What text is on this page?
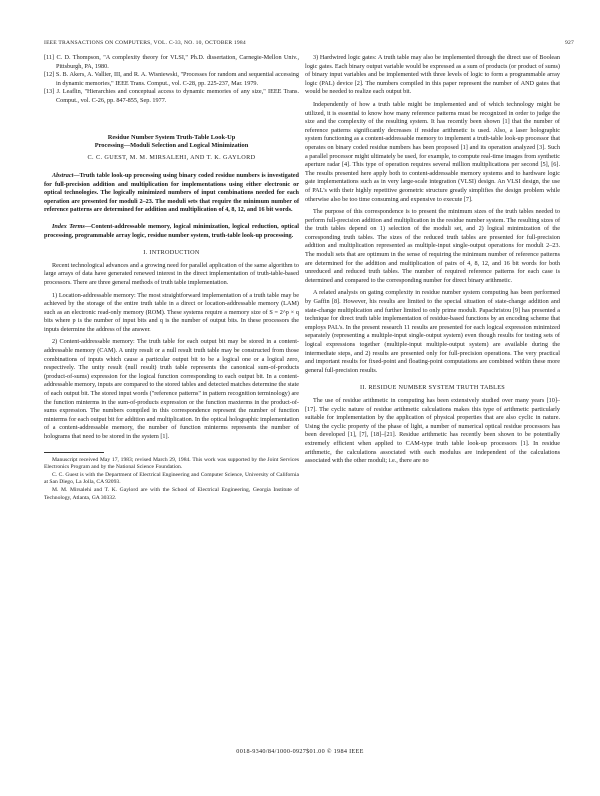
IEEE TRANSACTIONS ON COMPUTERS, VOL. C-33, NO. 10, OCTOBER 1984	927

[11] C. D. Thompson, "A complexity theory for VLSI," Ph.D. dissertation, Carnegie-Mellon Univ., Pittsburgh, PA, 1980.

[12] S. B. Akers, A. Vallier, III, and R. A. Wisniewski, "Processes for random and sequential accessing in dynamic memories," IEEE Trans. Comput., vol. C-28, pp. 225-237, Mar. 1979.

[13] J. Leaflin, "Hierarchies and conceptual access to dynamic memories of any size," IEEE Trans. Comput., vol. C-26, pp. 847-855, Sep. 1977.

Residue Number System Truth-Table Look-Up
Processing—Moduli Selection and Logical Minimization
C. C. GUEST, M. M. MIRSALEHI, AND T. K. GAYLORD

Abstract—Truth table look-up processing using binary coded residue numbers is investigated for full-precision addition and multiplication for implementations using either electronic or optical technologies. The logically minimized numbers of input combinations needed for each operation are presented for moduli 2–23. The moduli sets that require the minimum number of reference patterns are determined for addition and multiplication of 4, 8, 12, and 16 bit words.

Index Terms—Content-addressable memory, logical minimization, logical reduction, optical processing, programmable array logic, residue number system, truth-table look-up processing.

I. INTRODUCTION

Recent technological advances and a growing need for parallel application of the same algorithm to large arrays of data have generated renewed interest in the direct implementation of truth-table-based processors. There are three general methods of truth table implementation.

1) Location-addressable memory: The most straightforward implementation of a truth table may be achieved by the storage of the entire truth table in a direct or location-addressable memory (LAM) such as an electronic read-only memory (ROM). These systems require a memory size of S = 2^p × q bits where p is the number of input bits and q is the number of output bits. In these processors the inputs determine the address of the answer.

2) Content-addressable memory: The truth table for each output bit may be stored in a content-addressable memory (CAM). A unity result or a null result truth table may be constructed from those combinations of inputs which cause a particular output bit to be a logical one or a logical zero, respectively. The unity result (null result) truth table represents the canonical sum-of-products (product-of-sums) expression for the logical function corresponding to each output bit. In a content-addressable memory, inputs are compared to the stored tables and detected matches determine the state of each output bit. The stored input words ("reference patterns" in pattern recognition terminology) are the function minterms in the sum-of-products expression or the function maxterms in the product-of-sums expression. The numbers compiled in this correspondence represent the number of function minterms for each output bit for addition and multiplication. In the optical holographic implementation of a content-addressable memory, the number of function minterms represents the number of holograms that need to be stored in the system [1].

Manuscript received May 17, 1983; revised March 29, 1984. This work was supported by the Joint Services Electronics Program and by the National Science Foundation.

C. C. Guest is with the Department of Electrical Engineering and Computer Science, University of California at San Diego, La Jolla, CA 92093.

M. M. Mirsalehi and T. K. Gaylord are with the School of Electrical Engineering, Georgia Institute of Technology, Atlanta, GA 30332.

3) Hardwired logic gates: A truth table may also be implemented through the direct use of Boolean logic gates. Each binary output variable would be expressed as a sum of products (or product of sums) of binary input variables and be implemented with three levels of logic to form a programmable array logic (PAL) device [2]. The numbers compiled in this paper represent the number of AND gates that would be needed to realize each output bit.

Independently of how a truth table might be implemented and of which technology might be utilized, it is essential to know how many reference patterns must be recognized in order to judge the size and the complexity of the resulting system. It has recently been shown [1] that the number of reference patterns significantly decreases if residue arithmetic is used. Also, a laser holographic system functioning as a content-addressable memory to implement a truth-table look-up processor that operates on binary coded residue numbers has been proposed [1] and its operation analyzed [3]. Such a parallel processor might ultimately be used, for example, to compute real-time images from synthetic aperture radar [4]. This type of operation requires several million multiplications per second [5], [6]. The results presented here apply both to content-addressable memory systems and to hardware logic gate implementations such as in very large-scale integration (VLSI) design. An VLSI design, the use of PAL's with their highly repetitive geometric structure greatly simplifies the design problem while otherwise also be too time consuming and expensive to execute [7].

The purpose of this correspondence is to present the minimum sizes of the truth tables needed to perform full-precision addition and multiplication in the residue number system. The resulting sizes of the truth tables depend on 1) selection of the moduli set, and 2) logical minimization of the corresponding truth tables. The sizes of the reduced truth tables are presented for full-precision addition and multiplication represented as multiple-input single-output operations for moduli 2–23. The moduli sets that are optimum in the sense of requiring the minimum number of reference patterns are determined for the addition and multiplication of pairs of 4, 8, 12, and 16 bit words for both unreduced and reduced truth tables. The number of required reference patterns for each case is determined and compared to the corresponding number for direct binary arithmetic.

A related analysis on gating complexity in residue number system computing has been performed by Gaffin [8]. However, his results are limited to the special situation of state-change addition and state-change multiplication and further limited to only prime moduli. Papachristou [9] has presented a technique for direct truth table implementation of residue-based functions by an encoding scheme that employs PAL's. In the present research 11 results are presented for each logical expression minimized separately (representing a multiple-input single-output system) even though results for testing sets of logical expressions together (multiple-input multiple-output system) are available during the intermediate steps, and 2) results are presented only for full-precision operations. The very practical and important results for fixed-point and floating-point computations are combined within these more general full-precision results.

II. RESIDUE NUMBER SYSTEM TRUTH TABLES

The use of residue arithmetic in computing has been extensively studied over many years [10]–[17]. The cyclic nature of residue arithmetic calculations makes this type of arithmetic particularly suitable for implementation by the application of physical properties that are also cyclic in nature. Using the cyclic property of the phase of light, a number of numerical optical residue processors has been developed [1], [7], [18]–[21]. Residue arithmetic has recently been shown to be potentially extremely efficient when applied to CAM-type truth table look-up processors [1]. In residue arithmetic, the calculations associated with each modulus are independent of the calculations associated with the other moduli; i.e., there are no

0018-9340/84/1000-0927$01.00 © 1984 IEEE
